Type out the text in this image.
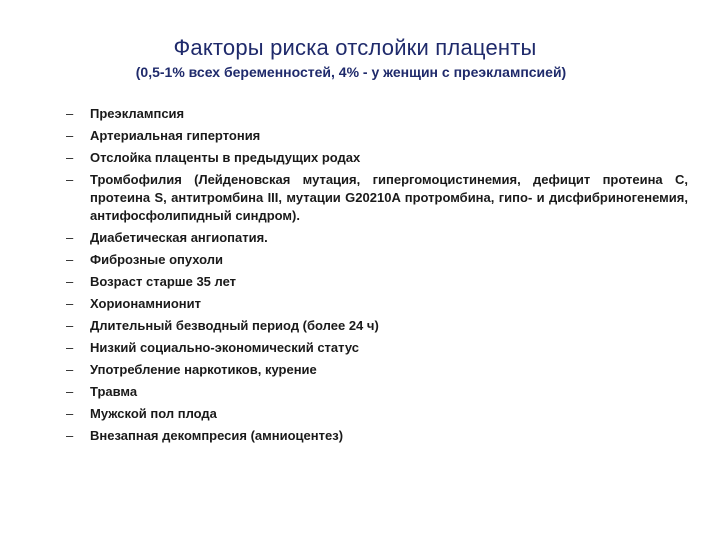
Факторы риска отслойки плаценты

(0,5-1% всех беременностей, 4% - у женщин с преэклампсией)

– Преэклампсия
– Артериальная гипертония
– Отслойка плаценты в предыдущих родах
– Тромбофилия (Лейденовская мутация, гипергомоцистинемия, дефицит протеина С, протеина S, антитромбина III, мутации G20210A протромбина, гипо- и дисфибриногенемия, антифосфолипидный синдром).
– Диабетическая ангиопатия.
– Фиброзные опухоли
– Возраст старше 35 лет
– Хорионамнионит
– Длительный безводный период (более 24 ч)
– Низкий социально-экономический статус
– Употребление наркотиков, курение
– Травма
– Мужской пол плода
– Внезапная декомпресия (амниоцентез)
